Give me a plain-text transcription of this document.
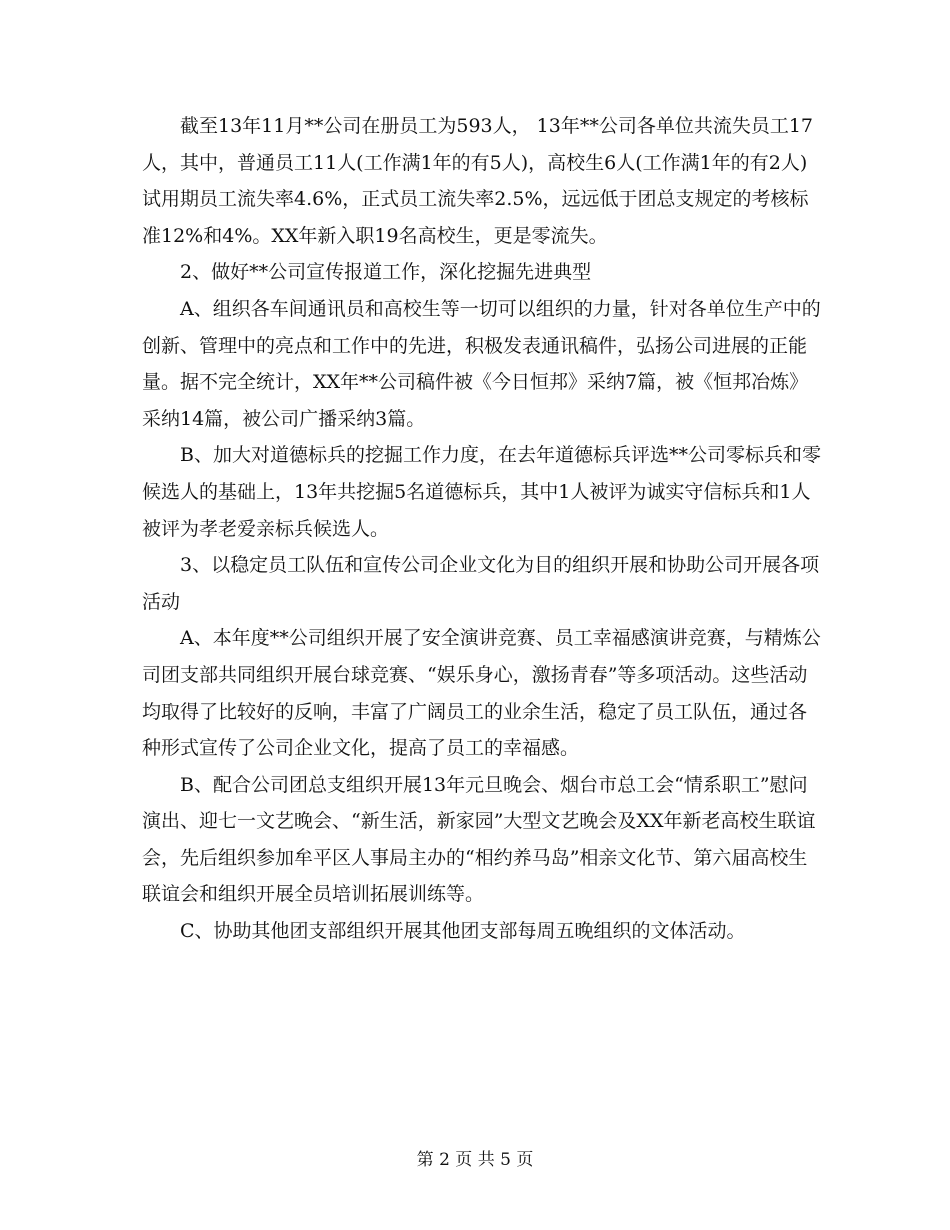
截至13年11月**公司在册员工为593人， 13年**公司各单位共流失员工17人，其中，普通员工11人(工作满1年的有5人)，高校生6人(工作满1年的有2人)试用期员工流失率4.6%，正式员工流失率2.5%，远远低于团总支规定的考核标准12%和4%。XX年新入职19名高校生，更是零流失。

2、做好**公司宣传报道工作，深化挖掘先进典型

A、组织各车间通讯员和高校生等一切可以组织的力量，针对各单位生产中的创新、管理中的亮点和工作中的先进，积极发表通讯稿件，弘扬公司进展的正能量。据不完全统计，XX年**公司稿件被《今日恒邦》采纳7篇，被《恒邦冶炼》采纳14篇，被公司广播采纳3篇。

B、加大对道德标兵的挖掘工作力度，在去年道德标兵评选**公司零标兵和零候选人的基础上，13年共挖掘5名道德标兵，其中1人被评为诚实守信标兵和1人被评为孝老爱亲标兵候选人。

3、以稳定员工队伍和宣传公司企业文化为目的组织开展和协助公司开展各项活动

A、本年度**公司组织开展了安全演讲竞赛、员工幸福感演讲竞赛，与精炼公司团支部共同组织开展台球竞赛、“娱乐身心，激扬青春”等多项活动。这些活动均取得了比较好的反响，丰富了广阔员工的业余生活，稳定了员工队伍，通过各种形式宣传了公司企业文化，提高了员工的幸福感。

B、配合公司团总支组织开展13年元旦晚会、烟台市总工会“情系职工”慰问演出、迎七一文艺晚会、“新生活，新家园”大型文艺晚会及XX年新老高校生联谊会，先后组织参加牟平区人事局主办的“相约养马岛”相亲文化节、第六届高校生联谊会和组织开展全员培训拓展训练等。

C、协助其他团支部组织开展其他团支部每周五晚组织的文体活动。

第 2 页 共 5 页
